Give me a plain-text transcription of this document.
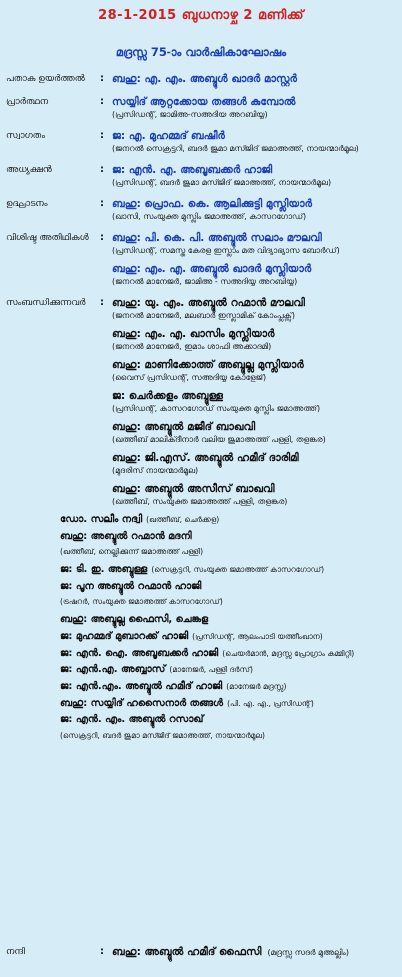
28-1-2015 ബുധനാഴ്ച 2 മണിക്ക്
മദ്രസ്സ 75-ാം വാർഷികാഘോഷം
പതാക ഉയർത്തൽ	: ബഹു: എ. എം. അബ്ദുൾ ഖാദർ മാസ്റ്റർ
പ്രാർത്ഥന	: സയ്യിദ് ആറ്റക്കോയ തങ്ങൾ കുമ്പോൽ
(പ്രസിഡന്റ്, ജാമിഅ-സഅദിയ അറബിയ്യ)
സ്വാഗതം	: ജ: എ. മുഹമ്മദ് ബഷീർ
(ജനറൽ സെക്രട്ടറി, ബദർ ജുമാ മസ്ജിദ് ജമാഅത്ത്, നായന്മാർമൂല)
അധ്യക്ഷൻ	: ജ: എൻ. എ. അബൂബക്കർ ഹാജി
(പ്രസിഡന്റ്, ബദർ ജുമാ മസ്ജിദ് ജമാഅത്ത്, നായന്മാർമൂല)
ഉദ്ഘാടനം	: ബഹു: പ്രൊഫ. കെ. ആലിക്കുട്ടി മുസ്ലിയാർ
(ഖാസി, സംയുക്ത മുസ്ലിം ജമാഅത്ത്, കാസറഗോഡ്)
വിശിഷ്ട അതിഥികൾ	: ബഹു: പി. കെ. പി. അബ്ദുൽ സലാം മൗലവി
(പ്രസിഡന്റ്, സമസ്ത കേരള ഇസ്ലാം മത വിദ്യാഭ്യാസ ബോർഡ്)
ബഹു: എം. എ. അബ്ദുൽ ഖാദർ മുസ്ലിയാർ
(ജനറൽ മാനേജർ, ജാമിഅ - സഅദിയ്യ അറബിയ്യ)
സംബന്ധിക്കുന്നവർ	: ബഹു: യു. എം. അബ്ദുൽ റഹ്മാൻ മൗലവി
(ജനറൽ മാനേജർ, മലബാർ ഇസ്ലാമിക് കോംപ്ലക്സ്)
ബഹു: എം. എ. ഖാസിം മുസ്ലിയാർ
(ജനറൽ മാനേജർ, ഇമാം ശാഫി അക്കാദമി)
ബഹു: മാണിക്കോത്ത് അബ്ദുല്ല മുസ്ലിയാർ
(വൈസ് പ്രസിഡന്റ്, സഅദിയ്യ കോളേജ്)
ജ: ചെർക്കളം അബ്ദുള്ള
(പ്രസിഡന്റ്, കാസറഗോഡ് സംയുക്ത മുസ്ലിം ജമാഅത്ത്)
ബഹു: അബ്ദുൽ മജീദ് ബാഖവി
(ഖത്തീബ് മാലിക്ദീനാർ വലിയ ജുമാഅത്ത് പള്ളി, തളങ്കര)
ബഹു: ജി.എസ്. അബ്ദുൽ ഹമീദ് ദാരിമി
(മുദരിസ് നായന്മാർമൂല)
ബഹു: അബ്ദുൽ അസീസ് ബാഖവി
(ഖത്തീബ്, സംയുക്ത ജമാഅത്ത് പള്ളി, തളങ്കര)
ഡോ. സലീം നദ്വി (ഖത്തീബ്, ചെർക്കള)
ബഹു: അബ്ദുൽ റഹ്മാൻ മദനി
(ഖത്തീബ്, നെല്ലിക്കുന്ന് ജമാഅത്ത് പള്ളി)
ജ: ടി. ഇ. അബ്ദുള്ള (സെക്രട്ടറി, സംയുക്ത ജമാഅത്ത് കാസറഗോഡ്)
ജ: പൂന അബ്ദുൽ റഹ്മാൻ ഹാജി
(ട്രഷറർ, സംയുക്ത ജമാഅത്ത് കാസറഗോഡ്)
ബഹു: അബ്ദുല്ല ഫൈസി, ചെങ്കള
ജ: മുഹമ്മദ് മുബാറക്ക് ഹാജി (പ്രസിഡന്റ്, ആലംപാടി യത്തീംഖാന)
ജ: എൻ. ഐ. അബൂബക്കർ ഹാജി (ചെയർമാൻ, മദ്രസ്സ പ്രോഗ്രാം കമ്മിറ്റി)
ജ: എൻ.എ. അബ്ബാസ് (മാനേജർ, പള്ളി ദർസ്)
ജ: എൻ.എം. അബ്ദുൽ ഹമീദ് ഹാജി (മാനേജർ മദ്രസ്സ)
ബഹു: സയ്യിദ് ഹസൈനാർ തങ്ങൾ (പി. എ. എ., പ്രസിഡന്റ്)
ജ: എൻ. എം. അബ്ദുൽ റസാഖ്
(സെക്രട്ടറി, ബദർ ജുമാ മസ്ജിദ് ജമാഅത്ത്, നായന്മാർമൂല)
നന്ദി	: ബഹു: അബ്ദുൽ ഹമീദ് ഫൈസി (മദ്രസ്സ സദർ മുഅല്ലിം)
